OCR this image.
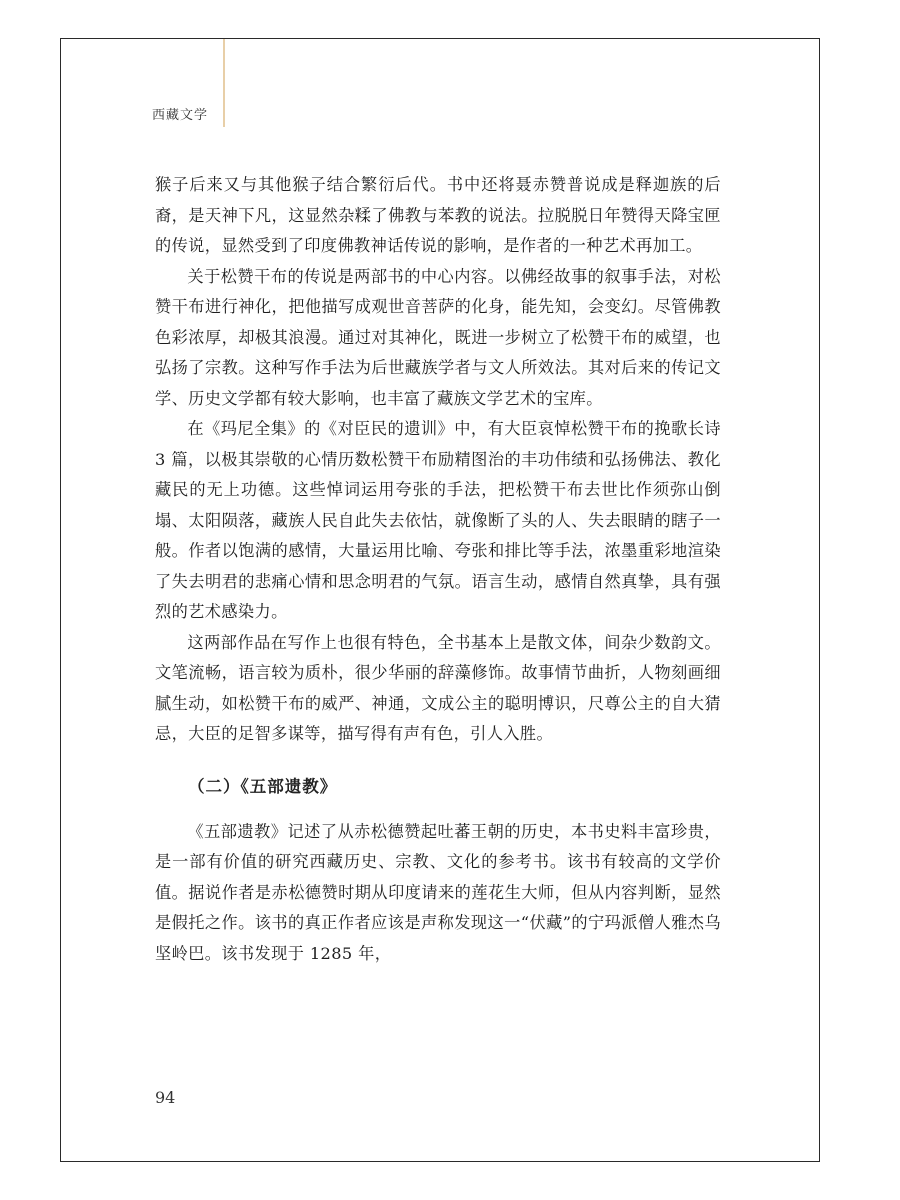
西藏文学

猴子后来又与其他猴子结合繁衍后代。书中还将聂赤赞普说成是释迦族的后裔，是天神下凡，这显然杂糅了佛教与苯教的说法。拉脱脱日年赞得天降宝匣的传说，显然受到了印度佛教神话传说的影响，是作者的一种艺术再加工。

关于松赞干布的传说是两部书的中心内容。以佛经故事的叙事手法，对松赞干布进行神化，把他描写成观世音菩萨的化身，能先知，会变幻。尽管佛教色彩浓厚，却极其浪漫。通过对其神化，既进一步树立了松赞干布的威望，也弘扬了宗教。这种写作手法为后世藏族学者与文人所效法。其对后来的传记文学、历史文学都有较大影响，也丰富了藏族文学艺术的宝库。

在《玛尼全集》的《对臣民的遗训》中，有大臣哀悼松赞干布的挽歌长诗 3 篇，以极其崇敬的心情历数松赞干布励精图治的丰功伟绩和弘扬佛法、教化藏民的无上功德。这些悼词运用夸张的手法，把松赞干布去世比作须弥山倒塌、太阳陨落，藏族人民自此失去依怙，就像断了头的人、失去眼睛的瞎子一般。作者以饱满的感情，大量运用比喻、夸张和排比等手法，浓墨重彩地渲染了失去明君的悲痛心情和思念明君的气氛。语言生动，感情自然真挚，具有强烈的艺术感染力。

这两部作品在写作上也很有特色，全书基本上是散文体，间杂少数韵文。文笔流畅，语言较为质朴，很少华丽的辞藻修饰。故事情节曲折，人物刻画细腻生动，如松赞干布的威严、神通，文成公主的聪明博识，尺尊公主的自大猜忌，大臣的足智多谋等，描写得有声有色，引人入胜。

（二）《五部遗教》

《五部遗教》记述了从赤松德赞起吐蕃王朝的历史，本书史料丰富珍贵，是一部有价值的研究西藏历史、宗教、文化的参考书。该书有较高的文学价值。据说作者是赤松德赞时期从印度请来的莲花生大师，但从内容判断，显然是假托之作。该书的真正作者应该是声称发现这一“伏藏”的宁玛派僧人雅杰乌坚岭巴。该书发现于 1285 年，

94
